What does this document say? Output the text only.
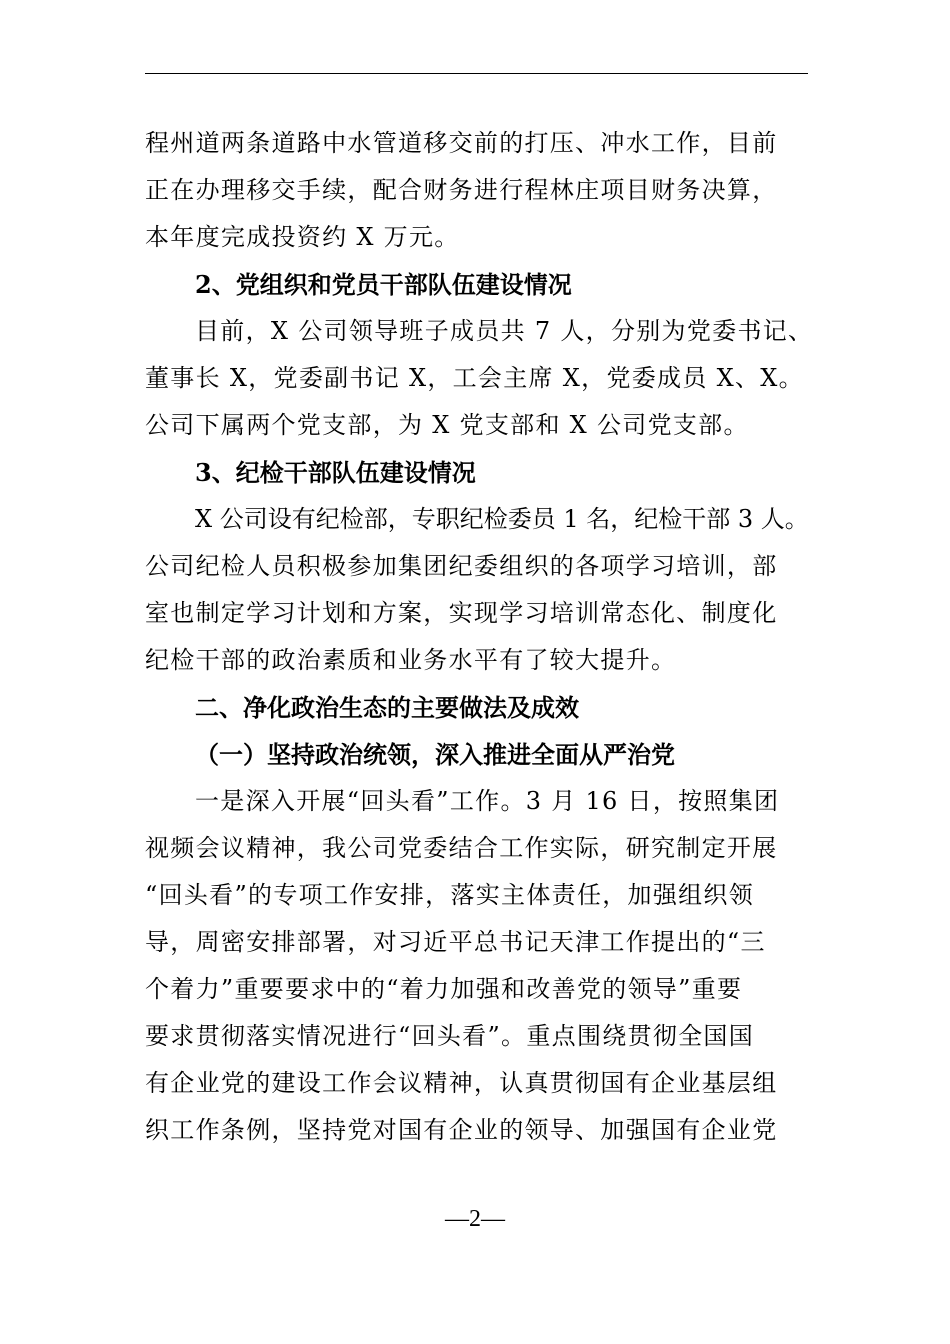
程州道两条道路中水管道移交前的打压、冲水工作，目前
正在办理移交手续，配合财务进行程林庄项目财务决算，
本年度完成投资约 X 万元。
2、党组织和党员干部队伍建设情况
目前，X 公司领导班子成员共 7 人，分别为党委书记、
董事长 X，党委副书记 X，工会主席 X，党委成员 X、X。
公司下属两个党支部，为 X 党支部和 X 公司党支部。
3、纪检干部队伍建设情况
X 公司设有纪检部，专职纪检委员 1 名，纪检干部 3 人。
公司纪检人员积极参加集团纪委组织的各项学习培训，部
室也制定学习计划和方案，实现学习培训常态化、制度化
纪检干部的政治素质和业务水平有了较大提升。
二、净化政治生态的主要做法及成效
（一）坚持政治统领，深入推进全面从严治党
一是深入开展“回头看”工作。3 月 16 日，按照集团
视频会议精神，我公司党委结合工作实际，研究制定开展
“回头看”的专项工作安排，落实主体责任，加强组织领
导，周密安排部署，对习近平总书记天津工作提出的“三
个着力”重要要求中的“着力加强和改善党的领导”重要
要求贯彻落实情况进行“回头看”。重点围绕贯彻全国国
有企业党的建设工作会议精神，认真贯彻国有企业基层组
织工作条例，坚持党对国有企业的领导、加强国有企业党
—2—
